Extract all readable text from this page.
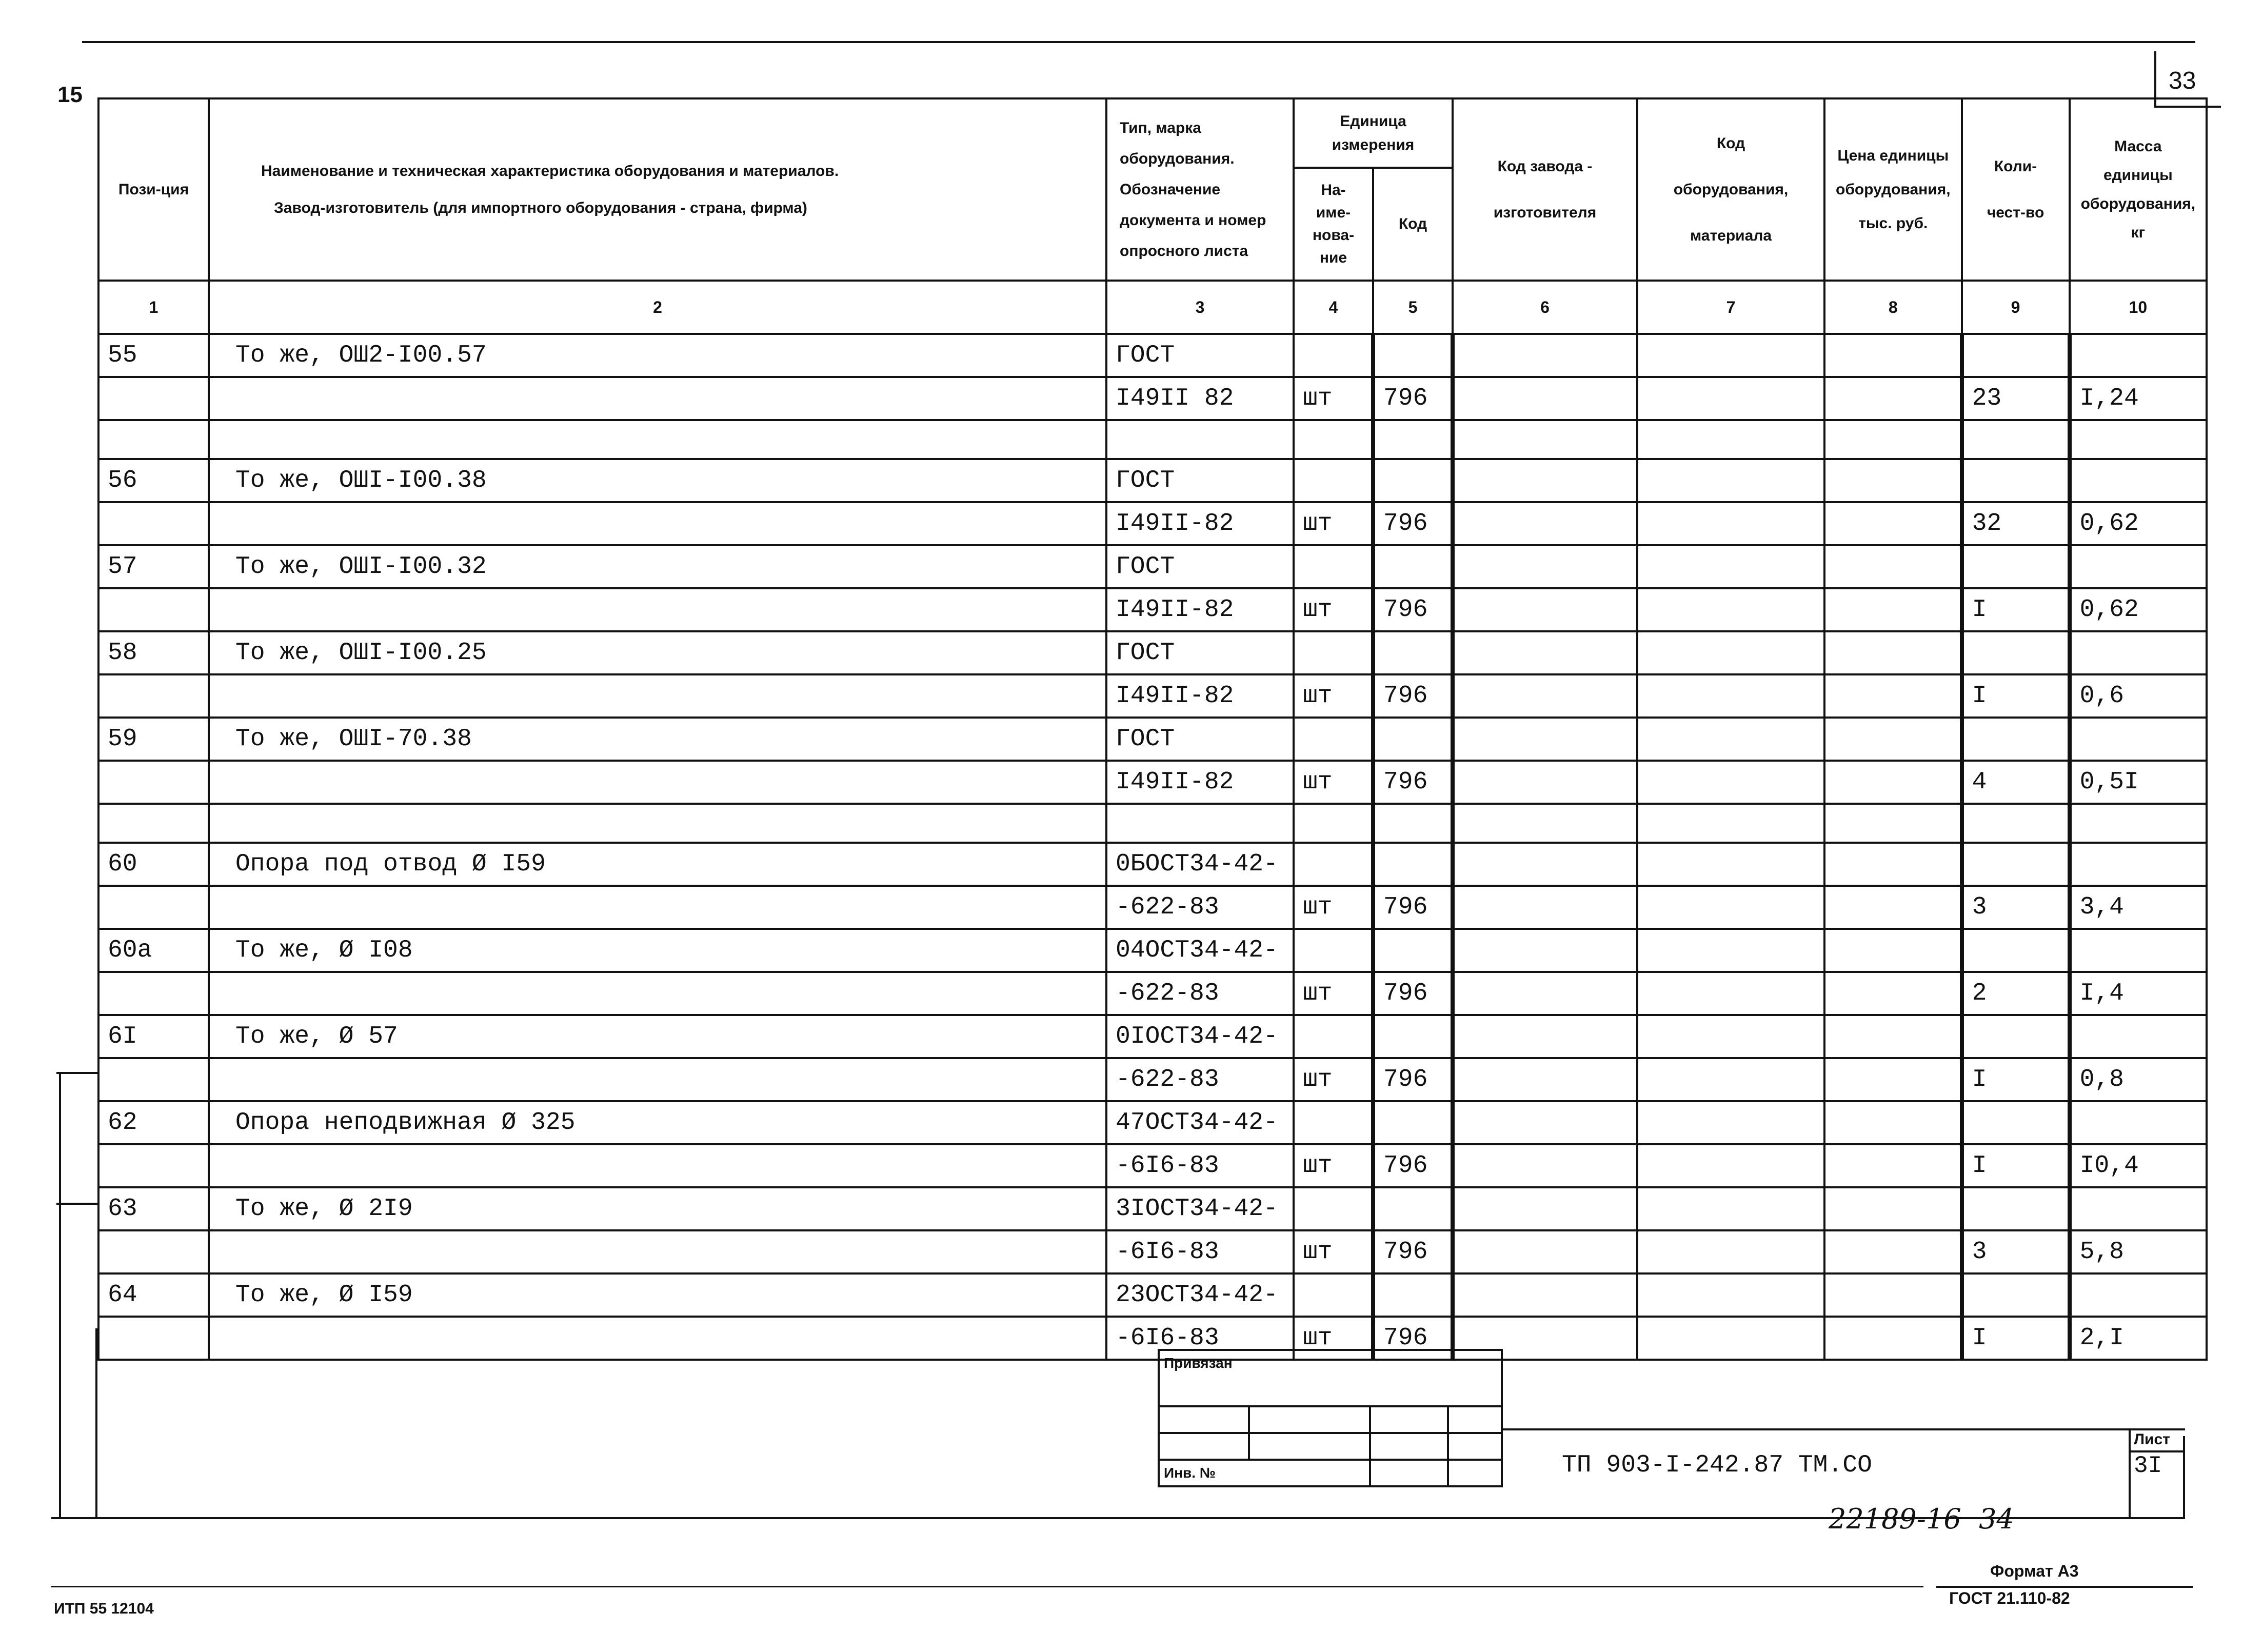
15
33
Пози-ция	Наименование и техническая характеристика оборудования и материалов.
Завод-изготовитель (для импортного оборудования - страна, фирма)	Тип, марка оборудования. Обозначение документа и номер опросного листа	Единица измерения		Код завода - изготовителя	Код оборудования, материала	Цена единицы оборудования, тыс. руб.	Коли-чест-во	Масса единицы оборудования, кг
			На-име-нова-ние	Код					
1	2	3	4	5	6	7	8	9	10
55	То же, ОШ2-I00.57	ГОСТ							
		I49II 82	шт	796				23	I,24

56	То же, ОШI-I00.38	ГОСТ							
		I49II-82	шт	796				32	0,62
57	То же, ОШI-I00.32	ГОСТ							
		I49II-82	шт	796				I	0,62
58	То же, ОШI-I00.25	ГОСТ							
		I49II-82	шт	796				I	0,6
59	То же, ОШI-70.38	ГОСТ							
		I49II-82	шт	796				4	0,5I

60	Опора под отвод Ø I59	0БОСТ34-42-							
		-622-83	шт	796				3	3,4
60а	То же, Ø I08	04ОСТ34-42-							
		-622-83	шт	796				2	I,4
6I	То же, Ø 57	0IОСТ34-42-							
		-622-83	шт	796				I	0,8
62	Опора неподвижная Ø 325	47ОСТ34-42-							
		-6I6-83	шт	796				I	I0,4
63	То же, Ø 2I9	3IОСТ34-42-							
		-6I6-83	шт	796				3	5,8
64	То же, Ø I59	23ОСТ34-42-							
		-6I6-83	шт	796				I	2,I
Привязан			

Инв. №				ТП 903-I-242.87 ТМ.СО
Лист
3I
22189-16  34
Формат А3
ГОСТ 21.110-82
ИТП 55 12104
